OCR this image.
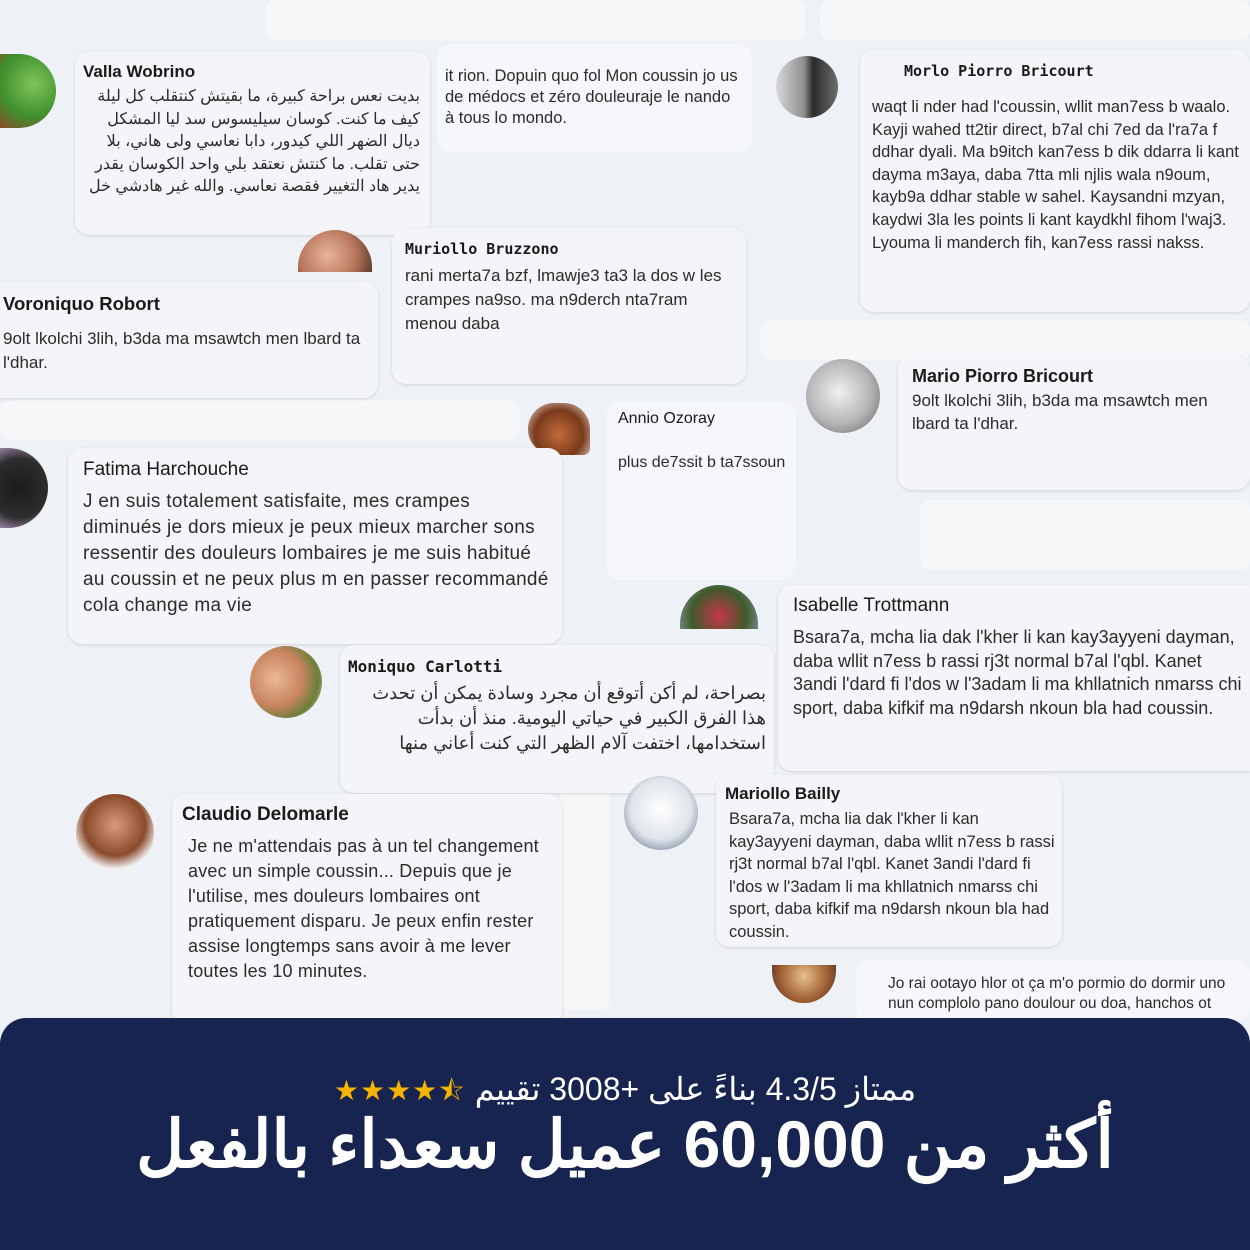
Valla Wobrino
بديت نعس براحة كبيرة، ما بقيتش كنتقلب كل ليلة كيف ما كنت. كوسان سيليسوس سد ليا المشكل ديال الضهر اللي كيدور، دابا نعاسي ولى هاني، بلا حتى تقلب. ما كنتش نعتقد بلي واحد الكوسان يقدر يدير هاد التغيير فقصة نعاسي. والله غير هادشي خل
it rion. Dopuin quo fol Mon coussin jo us de médocs et zéro douleuraje le nando à tous lo mondo.
Morlo Piorro Bricourt
waqt li nder had l'coussin, wllit man7ess b waalo. Kayji wahed tt2tir direct, b7al chi 7ed da l'ra7a f ddhar dyali. Ma b9itch kan7ess b dik ddarra li kant dayma m3aya, daba 7tta mli njlis wala n9oum, kayb9a ddhar stable w sahel. Kaysandni mzyan, kaydwi 3la les points li kant kaydkhl fihom l'waj3. Lyouma li manderch fih, kan7ess rassi nakss.
Muriollo Bruzzono
rani merta7a bzf, lmawje3 ta3 la dos w les crampes na9so. ma n9derch nta7ram menou daba
Voroniquo Robort
9olt lkolchi 3lih, b3da ma msawtch men lbard ta l'dhar.
Mario Piorro Bricourt
9olt lkolchi 3lih, b3da ma msawtch men lbard ta l'dhar.
Annio Ozoray
plus de7ssit b ta7ssoun
Fatima Harchouche
J en suis totalement satisfaite, mes crampes diminués je dors mieux je peux mieux marcher sons ressentir des douleurs lombaires je me suis habitué au coussin et ne peux plus m en passer recommandé cola change ma vie	Isabelle Trottmann
Bsara7a, mcha lia dak l'kher li kan kay3ayyeni dayman, daba wllit n7ess b rassi rj3t normal b7al l'qbl. Kanet 3andi l'dard fi l'dos w l'3adam li ma khllatnich nmarss chi sport, daba kifkif ma n9darsh nkoun bla had coussin.
Moniquo Carlotti
بصراحة، لم أكن أتوقع أن مجرد وسادة يمكن أن تحدث هذا الفرق الكبير في حياتي اليومية. منذ أن بدأت استخدامها، اختفت آلام الظهر التي كنت أعاني منها
Claudio Delomarle
Je ne m'attendais pas à un tel changement avec un simple coussin... Depuis que je l'utilise, mes douleurs lombaires ont pratiquement disparu. Je peux enfin rester assise longtemps sans avoir à me lever toutes les 10 minutes.
Mariollo Bailly
Bsara7a, mcha lia dak l'kher li kan kay3ayyeni dayman, daba wllit n7ess b rassi rj3t normal b7al l'qbl. Kanet 3andi l'dard fi l'dos w l'3adam li ma khllatnich nmarss chi sport, daba kifkif ma n9darsh nkoun bla had coussin.
Jo rai ootayo hlor ot ça m'o pormio do dormir uno nun complolo pano doulour ou doa, hanchos ot
ممتاز 4.3/5 بناءً على +3008 تقييم ★★★★⯪
أكثر من 60,000 عميل سعداء بالفعل
